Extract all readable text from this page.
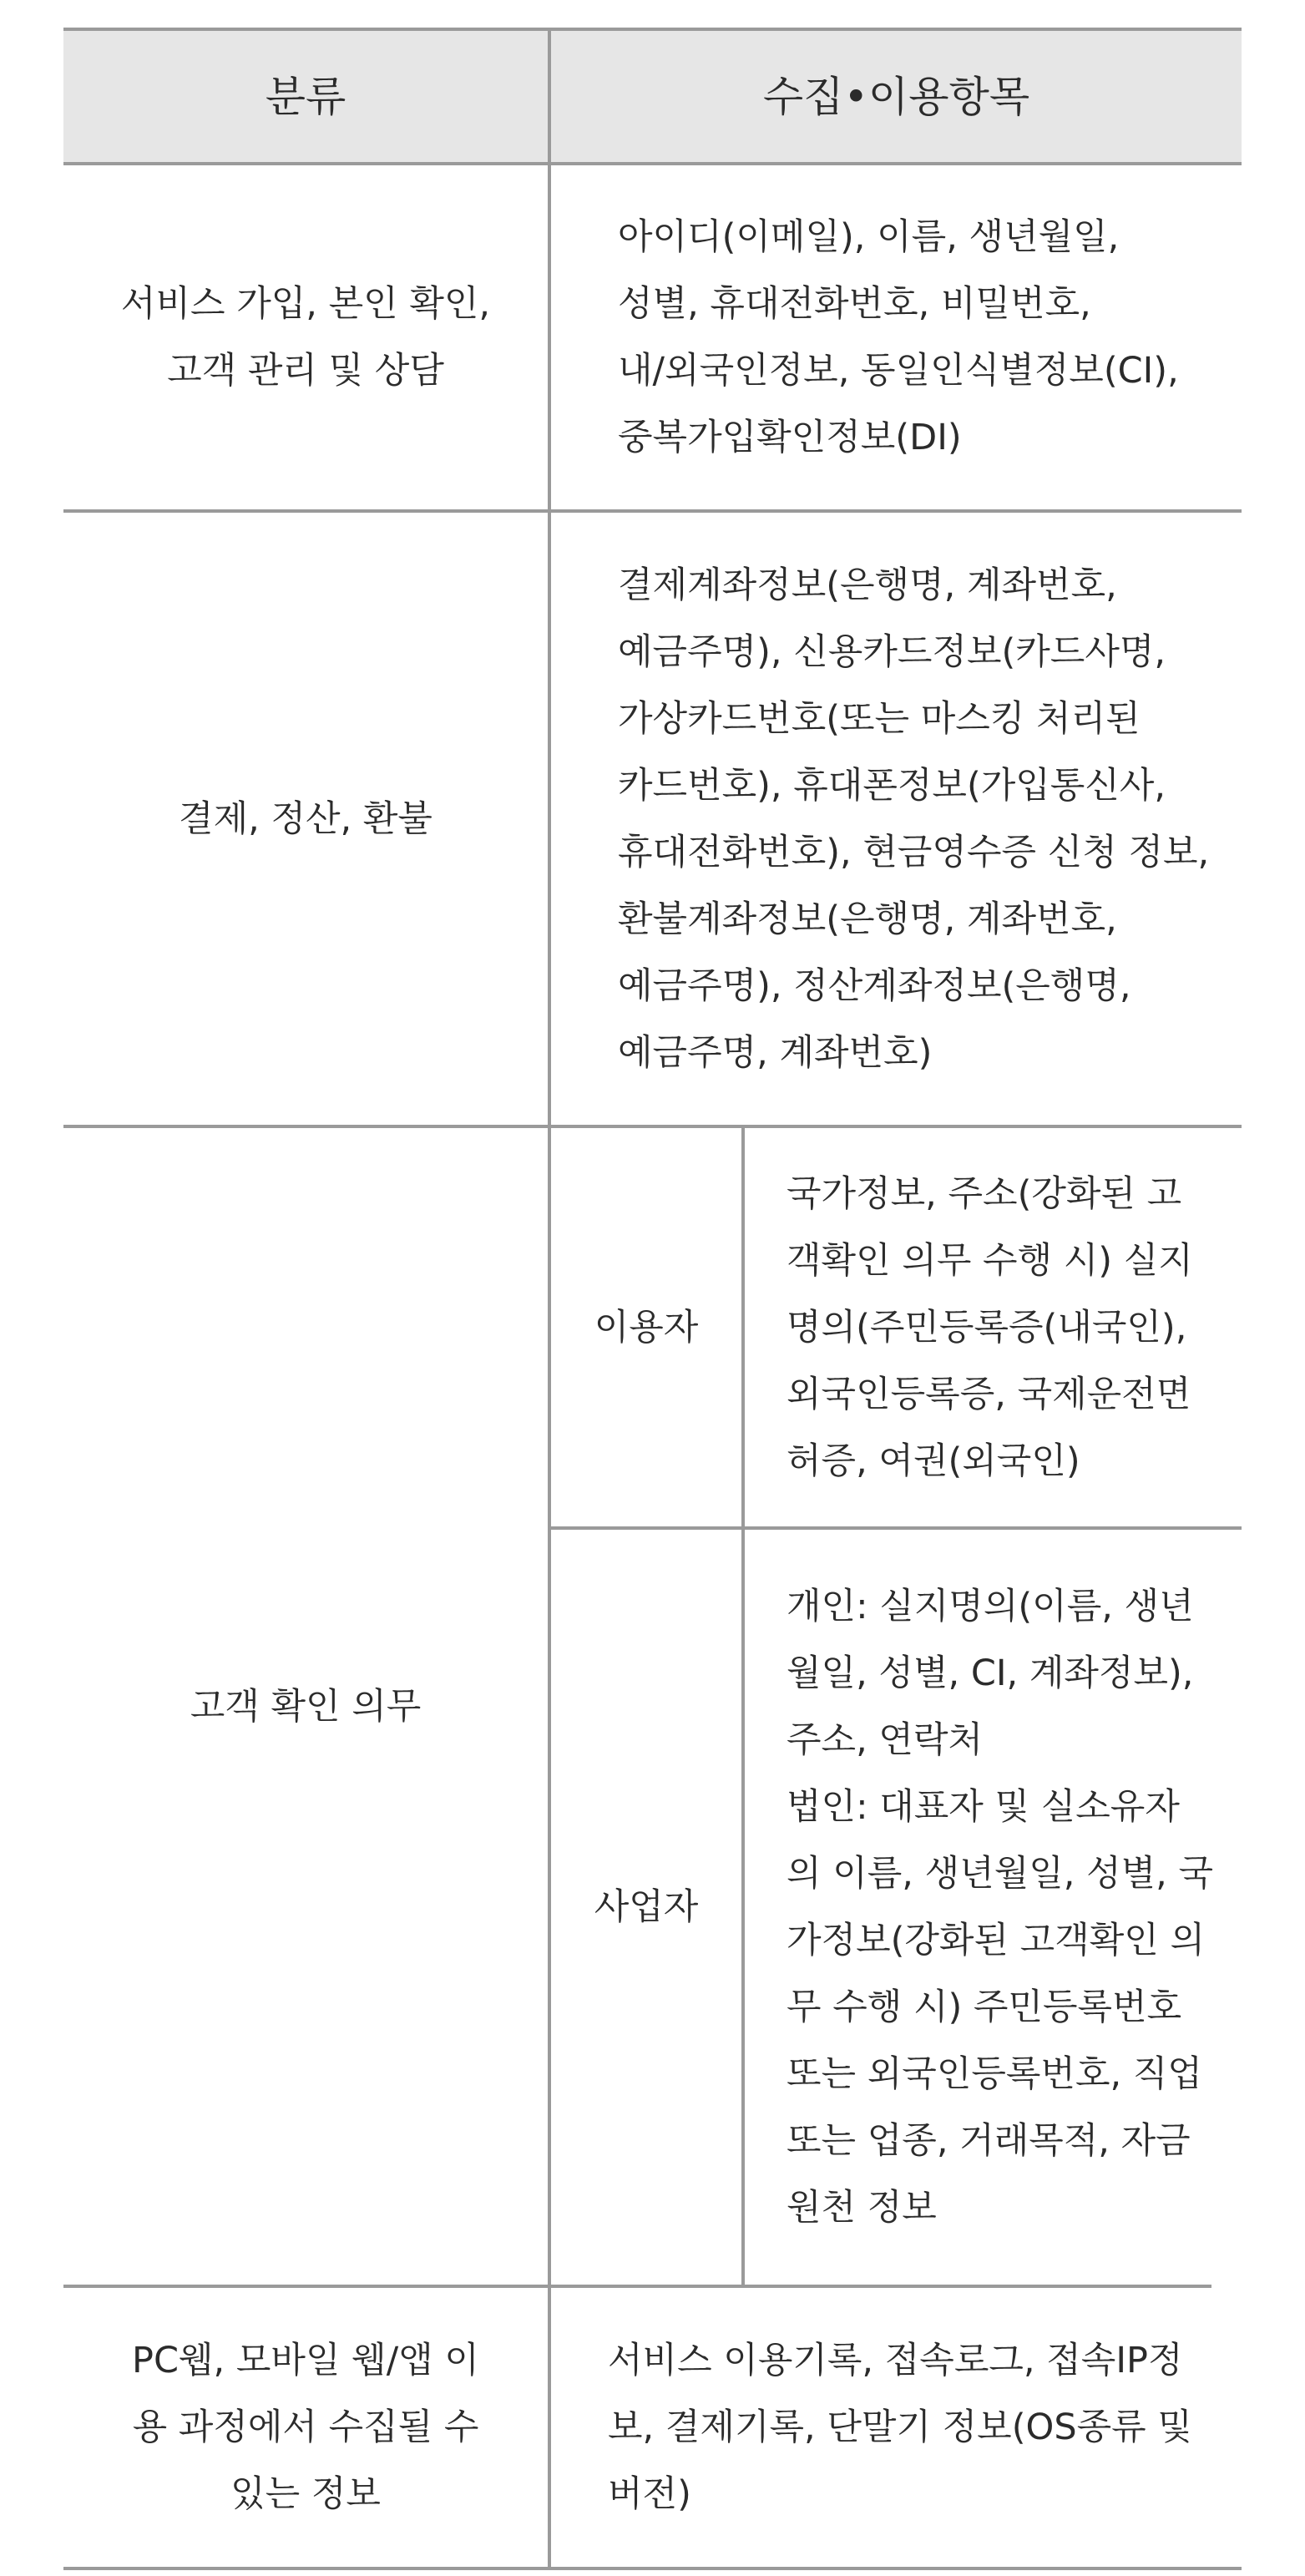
분류	수집•이용항목
서비스 가입, 본인 확인,
고객 관리 및 상담
아이디(이메일), 이름, 생년월일,
성별, 휴대전화번호, 비밀번호,
내/외국인정보, 동일인식별정보(CI),
중복가입확인정보(DI)
결제, 정산, 환불
결제계좌정보(은행명, 계좌번호,
예금주명), 신용카드정보(카드사명,
가상카드번호(또는 마스킹 처리된
카드번호), 휴대폰정보(가입통신사,
휴대전화번호), 현금영수증 신청 정보,
환불계좌정보(은행명, 계좌번호,
예금주명), 정산계좌정보(은행명,
예금주명, 계좌번호)
고객 확인 의무
이용자
국가정보, 주소(강화된 고
객확인 의무 수행 시) 실지
명의(주민등록증(내국인),
외국인등록증, 국제운전면
허증, 여권(외국인)
사업자
개인: 실지명의(이름, 생년
월일, 성별, CI, 계좌정보),
주소, 연락처
법인: 대표자 및 실소유자
의 이름, 생년월일, 성별, 국
가정보(강화된 고객확인 의
무 수행 시) 주민등록번호
또는 외국인등록번호, 직업
또는 업종, 거래목적, 자금
원천 정보
PC웹, 모바일 웹/앱 이
용 과정에서 수집될 수
있는 정보
서비스 이용기록, 접속로그, 접속IP정
보, 결제기록, 단말기 정보(OS종류 및
버전)
